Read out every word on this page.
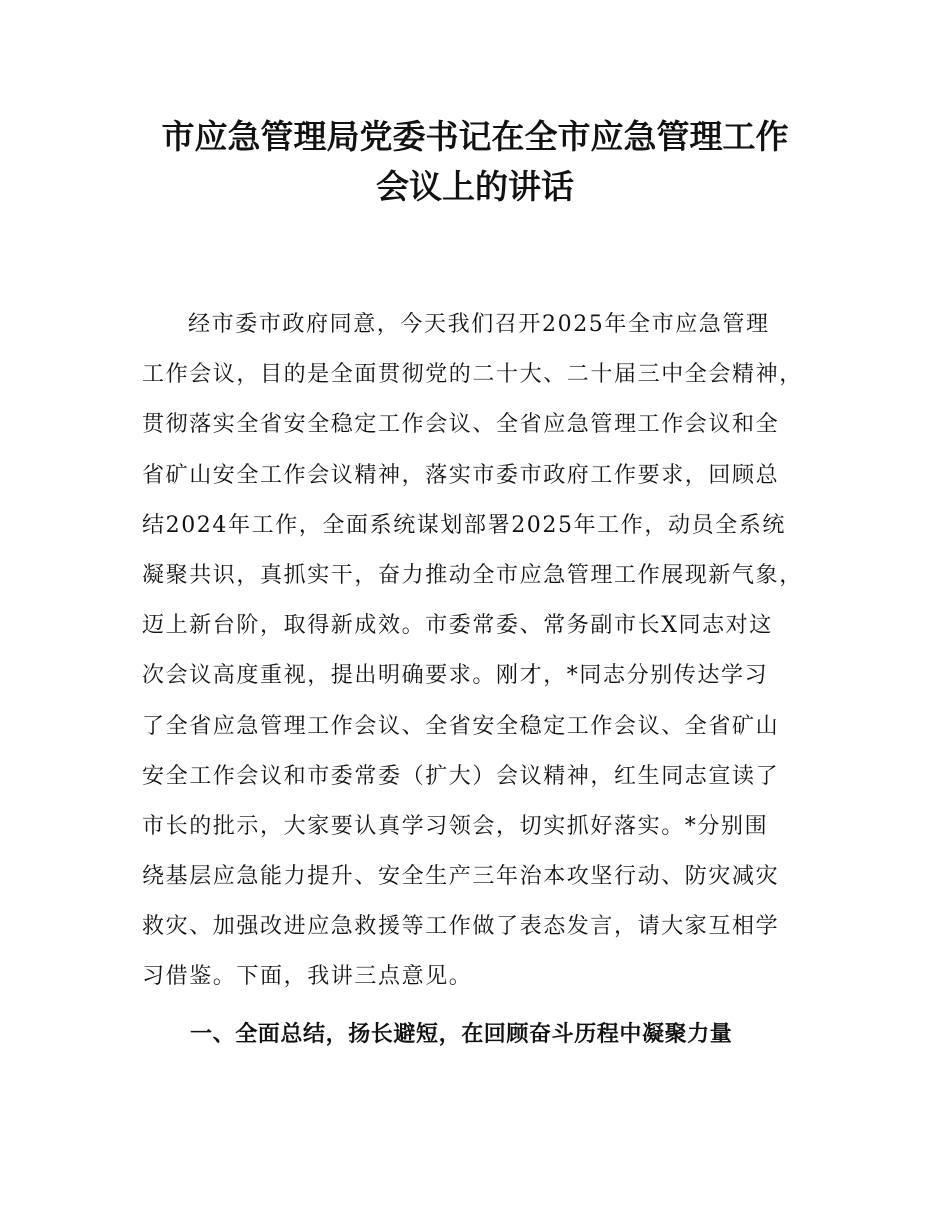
市应急管理局党委书记在全市应急管理工作
会议上的讲话
经市委市政府同意，今天我们召开2025年全市应急管理
工作会议，目的是全面贯彻党的二十大、二十届三中全会精神，
贯彻落实全省安全稳定工作会议、全省应急管理工作会议和全
省矿山安全工作会议精神，落实市委市政府工作要求，回顾总
结2024年工作，全面系统谋划部署2025年工作，动员全系统
凝聚共识，真抓实干，奋力推动全市应急管理工作展现新气象，
迈上新台阶，取得新成效。市委常委、常务副市长X同志对这
次会议高度重视，提出明确要求。刚才，*同志分别传达学习
了全省应急管理工作会议、全省安全稳定工作会议、全省矿山
安全工作会议和市委常委（扩大）会议精神，红生同志宣读了
市长的批示，大家要认真学习领会，切实抓好落实。*分别围
绕基层应急能力提升、安全生产三年治本攻坚行动、防灾减灾
救灾、加强改进应急救援等工作做了表态发言，请大家互相学
习借鉴。下面，我讲三点意见。
一、全面总结，扬长避短，在回顾奋斗历程中凝聚力量
